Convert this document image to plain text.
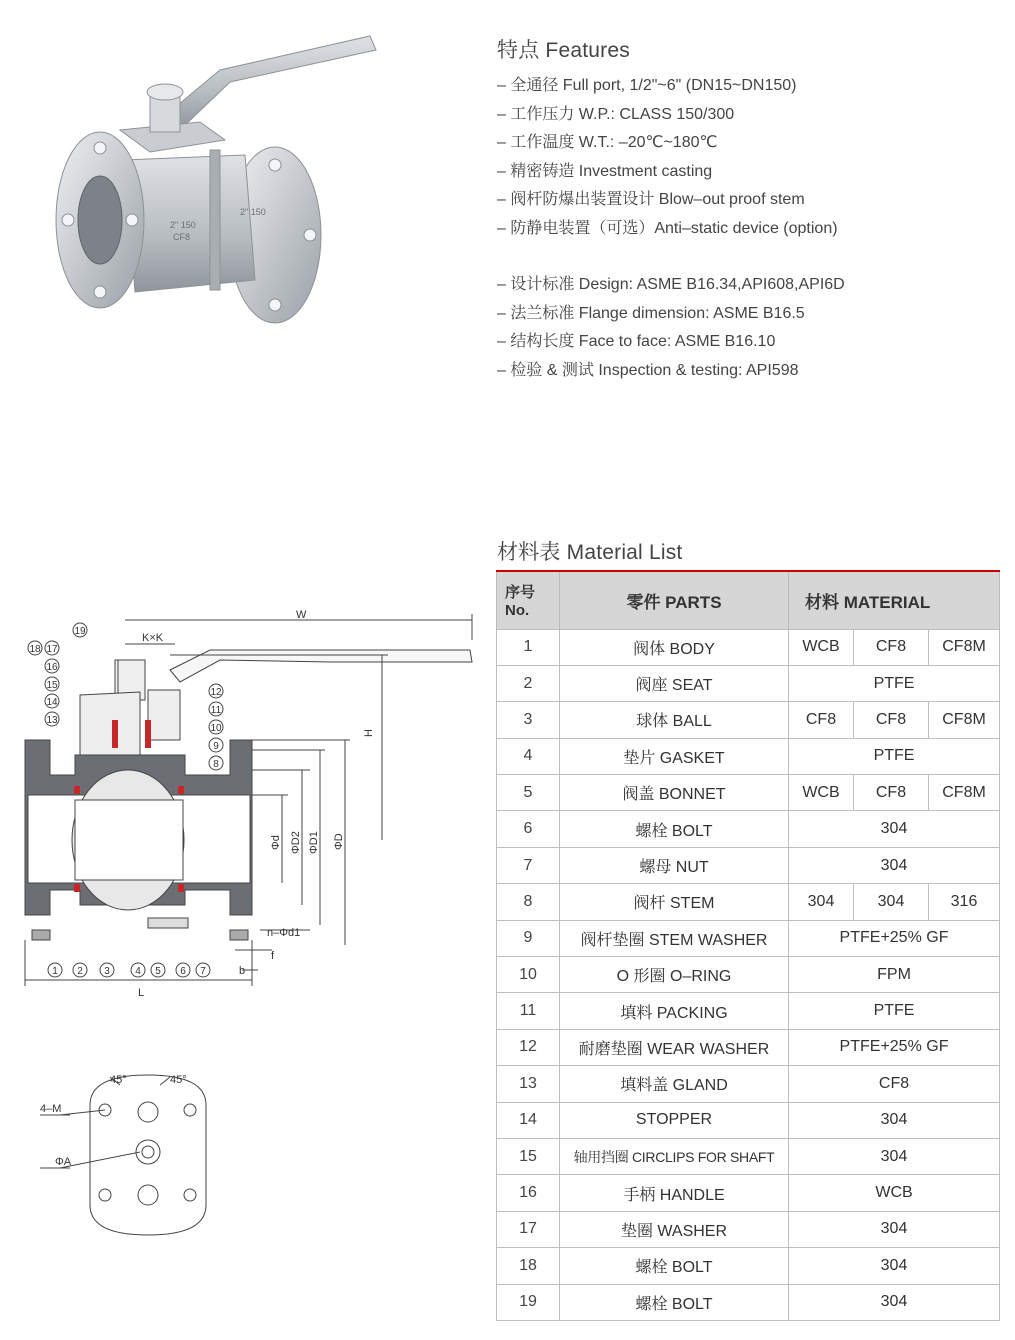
2" 150
CF8
2" 150
特点 Features
– 全通径 Full port, 1/2"~6" (DN15~DN150)
– 工作压力 W.P.: CLASS 150/300
– 工作温度 W.T.: –20℃~180℃
– 精密铸造 Investment casting
– 阀杆防爆出装置设计 Blow–out proof stem
– 防静电装置（可选）Anti–static device (option)
– 设计标准 Design: ASME B16.34,API608,API6D
– 法兰标准 Flange dimension: ASME B16.5
– 结构长度 Face to face: ASME B16.10
– 检验 & 测试 Inspection & testing: API598
W
K×K
H
L
b
f
n–Φd1
Φd ΦD2 ΦD1 ΦD
1 2 3	4 5 6 7
8
9
10
11
12
13
14
15
16
17
18
19
45°	45°
4–M
ΦA
材料表 Material List
序号No.	零件 PARTS	材料 MATERIAL		
1	阀体 BODY	WCB	CF8	CF8M
2	阀座 SEAT	PTFE		
3	球体 BALL	CF8	CF8	CF8M
4	垫片 GASKET	PTFE		
5	阀盖 BONNET	WCB	CF8	CF8M
6	螺栓 BOLT	304		
7	螺母 NUT	304		
8	阀杆 STEM	304	304	316
9	阀杆垫圈 STEM WASHER	PTFE+25% GF		
10	O 形圈 O–RING	FPM		
11	填料 PACKING	PTFE		
12	耐磨垫圈 WEAR WASHER	PTFE+25% GF		
13	填料盖 GLAND	CF8		
14	STOPPER	304		
15	轴用挡圈 CIRCLIPS FOR SHAFT	304		
16	手柄 HANDLE	WCB		
17	垫圈 WASHER	304		
18	螺栓 BOLT	304		
19	螺栓 BOLT	304		
